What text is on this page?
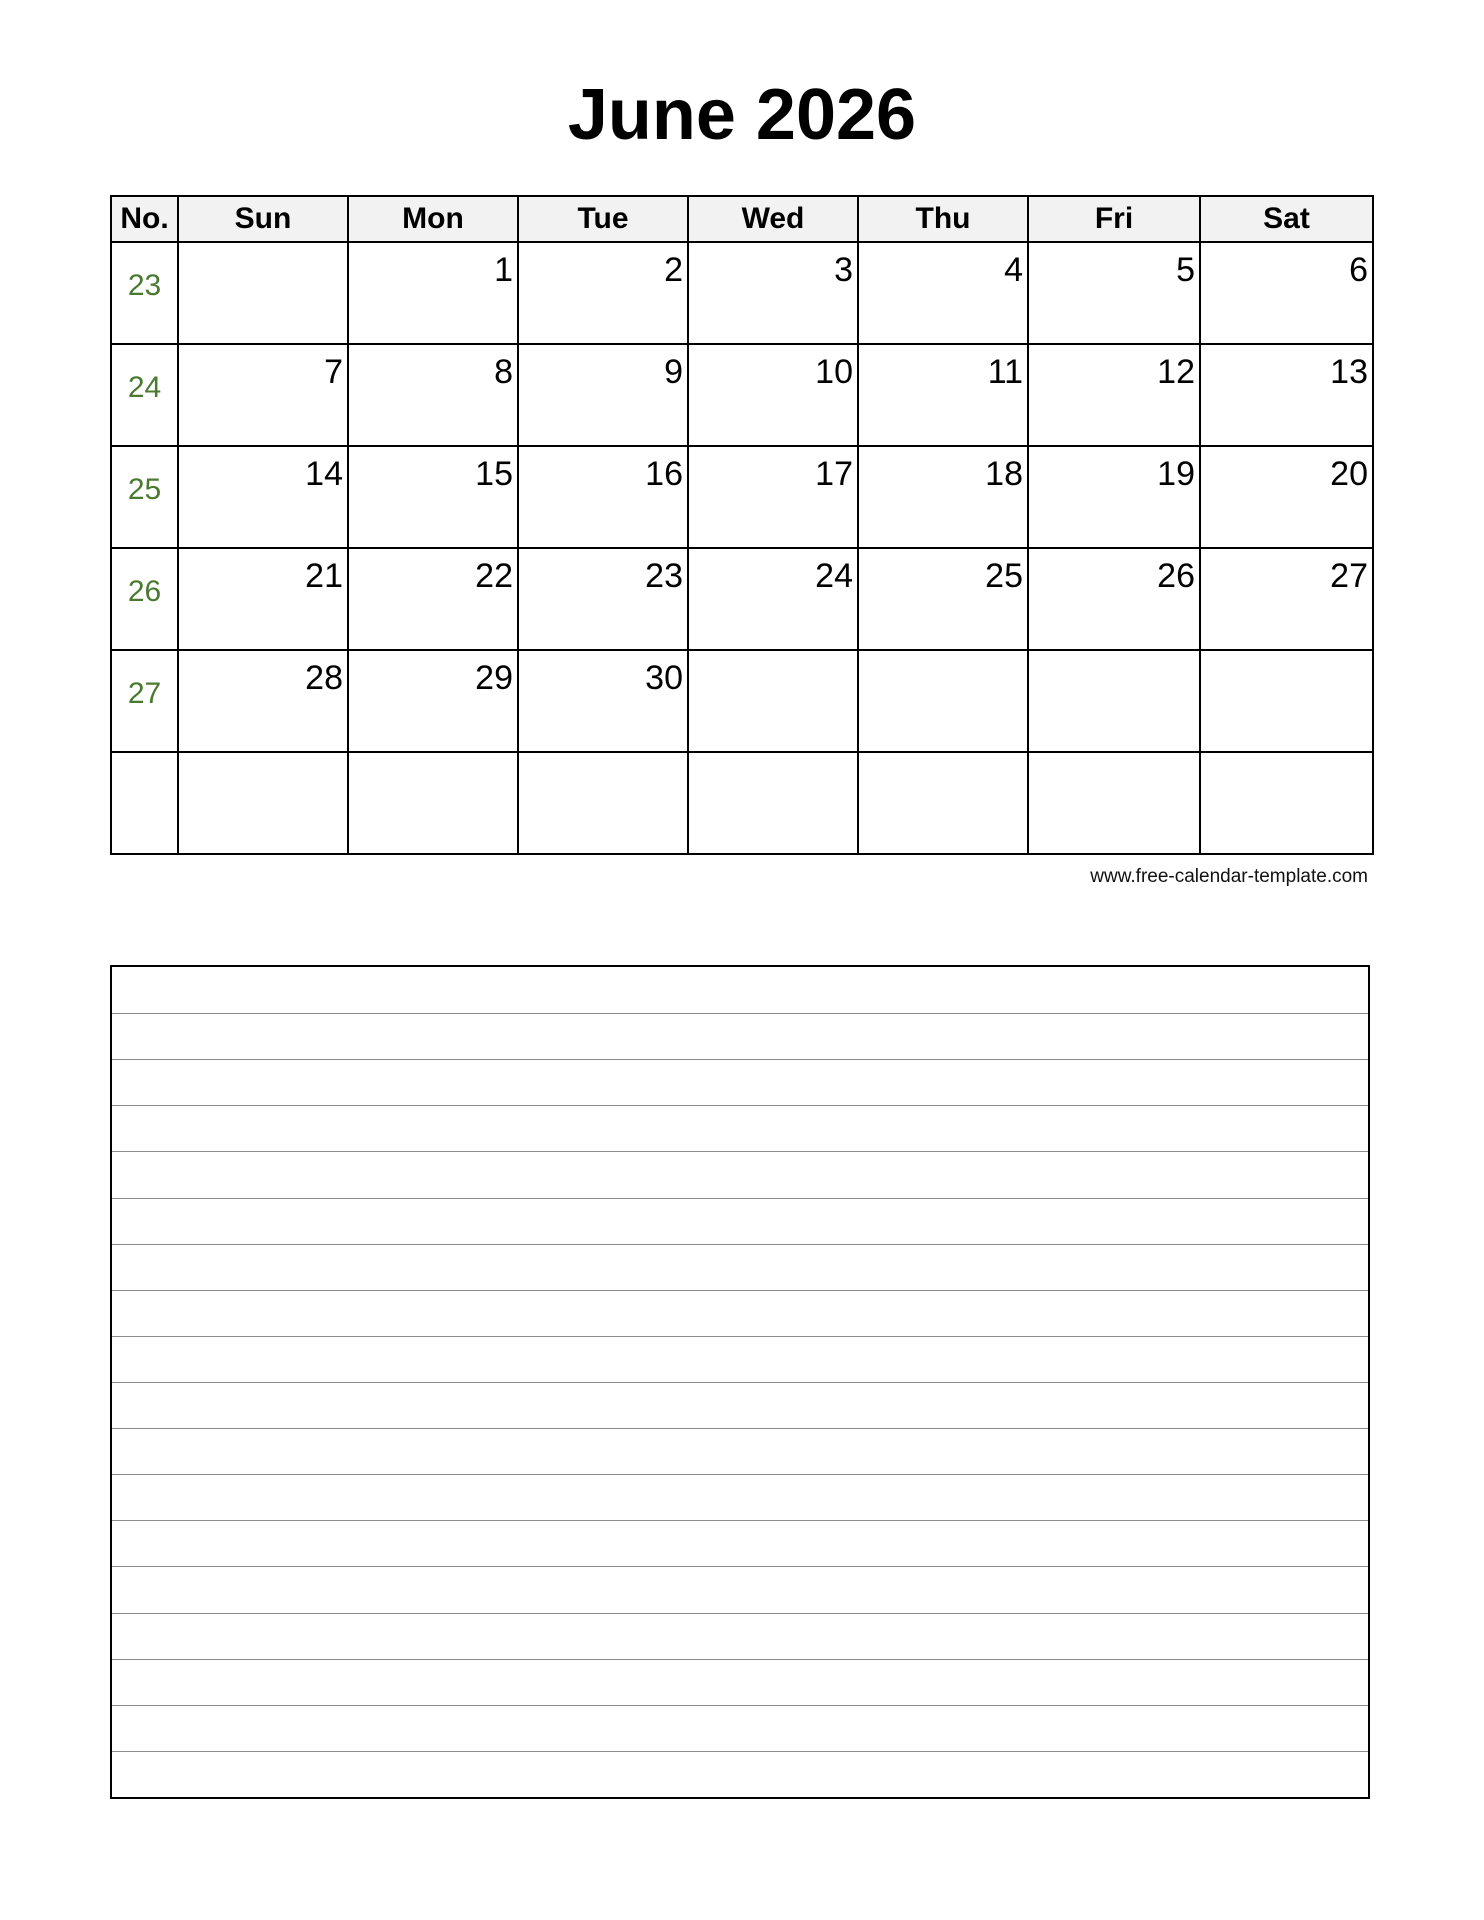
June 2026
No.	Sun	Mon	Tue	Wed	Thu	Fri	Sat

23		1	2	3	4	5	6

24	7	8	9	10	11	12	13

25	14	15	16	17	18	19	20

26	21	22	23	24	25	26	27

27	28	29	30				

www.free-calendar-template.com
